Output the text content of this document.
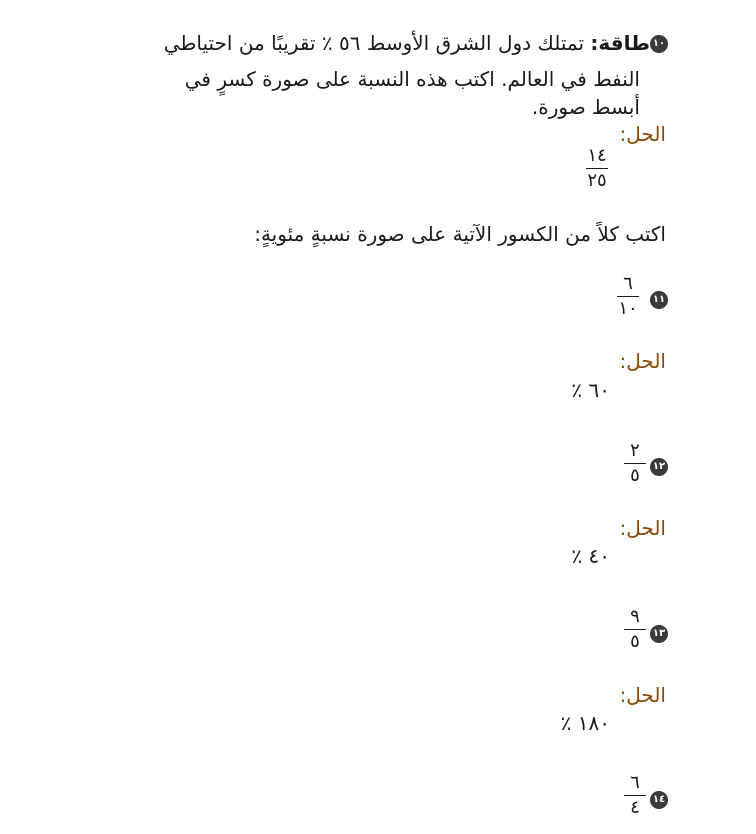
١٠
طاقة: تمتلك دول الشرق الأوسط ٥٦ ٪ تقريبًا من احتياطي
النفط في العالم. اكتب هذه النسبة على صورة كسرٍ في
أبسط صورة.
الحل:
١٤
٢٥
اكتب كلاً من الكسور الآتية على صورة نسبةٍ مئويةٍ:
١١
٦
١٠
الحل:
٦٠ ٪
١٢
٢
٥
الحل:
٤٠ ٪
١٣
٩
٥
الحل:
١٨٠ ٪
١٤
٦
٤
